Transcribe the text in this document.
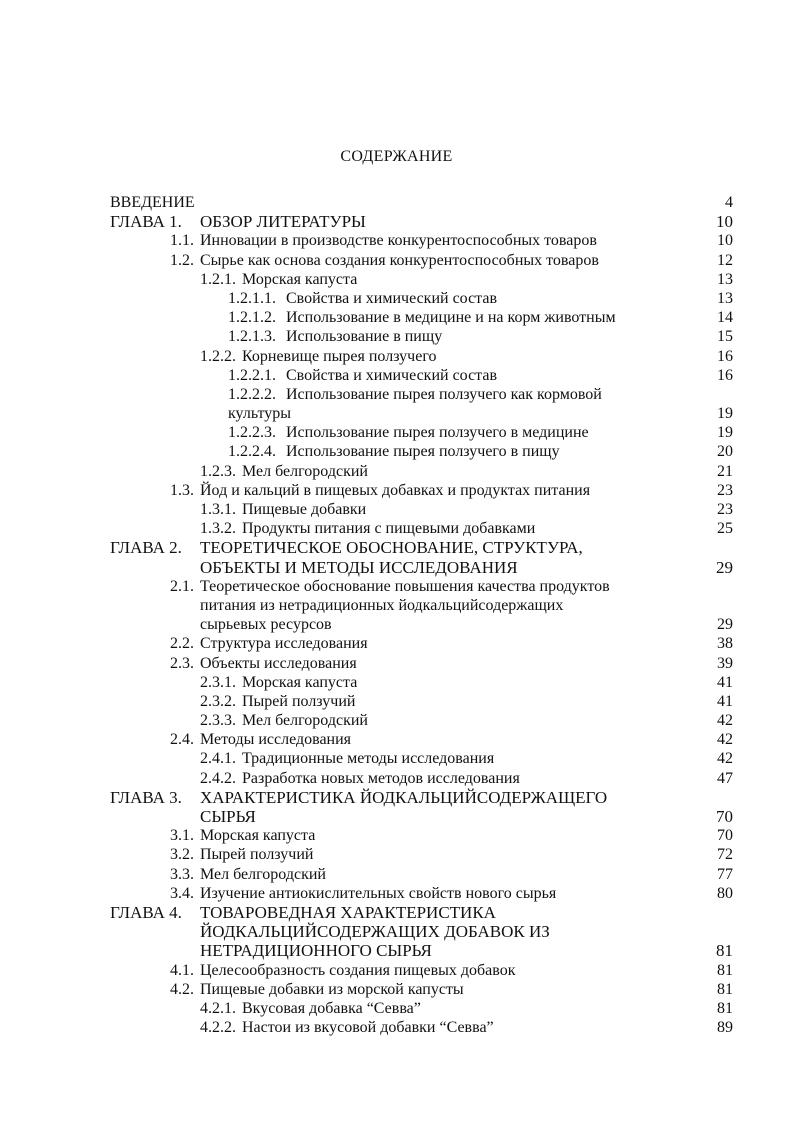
СОДЕРЖАНИЕ
ВВЕДЕНИЕ	4
ГЛАВА 1. ОБЗОР ЛИТЕРАТУРЫ	10
1.1. Инновации в производстве конкурентоспособных товаров	10
1.2. Сырье как основа создания конкурентоспособных товаров	12
1.2.1. Морская капуста	13
1.2.1.1. Свойства и химический состав	13
1.2.1.2. Использование в медицине и на корм животным	14
1.2.1.3. Использование в пищу	15
1.2.2. Корневище пырея ползучего	16
1.2.2.1. Свойства и химический состав	16
1.2.2.2. Использование пырея ползучего как кормовой
культуры	19
1.2.2.3. Использование пырея ползучего в медицине	19
1.2.2.4. Использование пырея ползучего в пищу	20
1.2.3. Мел белгородский	21
1.3. Йод и кальций в пищевых добавках и продуктах питания	23
1.3.1. Пищевые добавки	23
1.3.2. Продукты питания с пищевыми добавками	25
ГЛАВА 2. ТЕОРЕТИЧЕСКОЕ ОБОСНОВАНИЕ, СТРУКТУРА,
ОБЪЕКТЫ И МЕТОДЫ ИССЛЕДОВАНИЯ	29
2.1. Теоретическое обоснование повышения качества продуктов
питания из нетрадиционных йодкальцийсодержащих
сырьевых ресурсов	29
2.2. Структура исследования	38
2.3. Объекты исследования	39
2.3.1. Морская капуста	41
2.3.2. Пырей ползучий	41
2.3.3. Мел белгородский	42
2.4. Методы исследования	42
2.4.1. Традиционные методы исследования	42
2.4.2. Разработка новых методов исследования	47
ГЛАВА 3. ХАРАКТЕРИСТИКА ЙОДКАЛЬЦИЙСОДЕРЖАЩЕГО
СЫРЬЯ	70
3.1. Морская капуста	70
3.2. Пырей ползучий	72
3.3. Мел белгородский	77
3.4. Изучение антиокислительных свойств нового сырья	80
ГЛАВА 4. ТОВАРОВЕДНАЯ ХАРАКТЕРИСТИКА
ЙОДКАЛЬЦИЙСОДЕРЖАЩИХ ДОБАВОК ИЗ
НЕТРАДИЦИОННОГО СЫРЬЯ	81
4.1. Целесообразность создания пищевых добавок	81
4.2. Пищевые добавки из морской капусты	81
4.2.1. Вкусовая добавка “Севва”	81
4.2.2. Настои из вкусовой добавки “Севва”	89
